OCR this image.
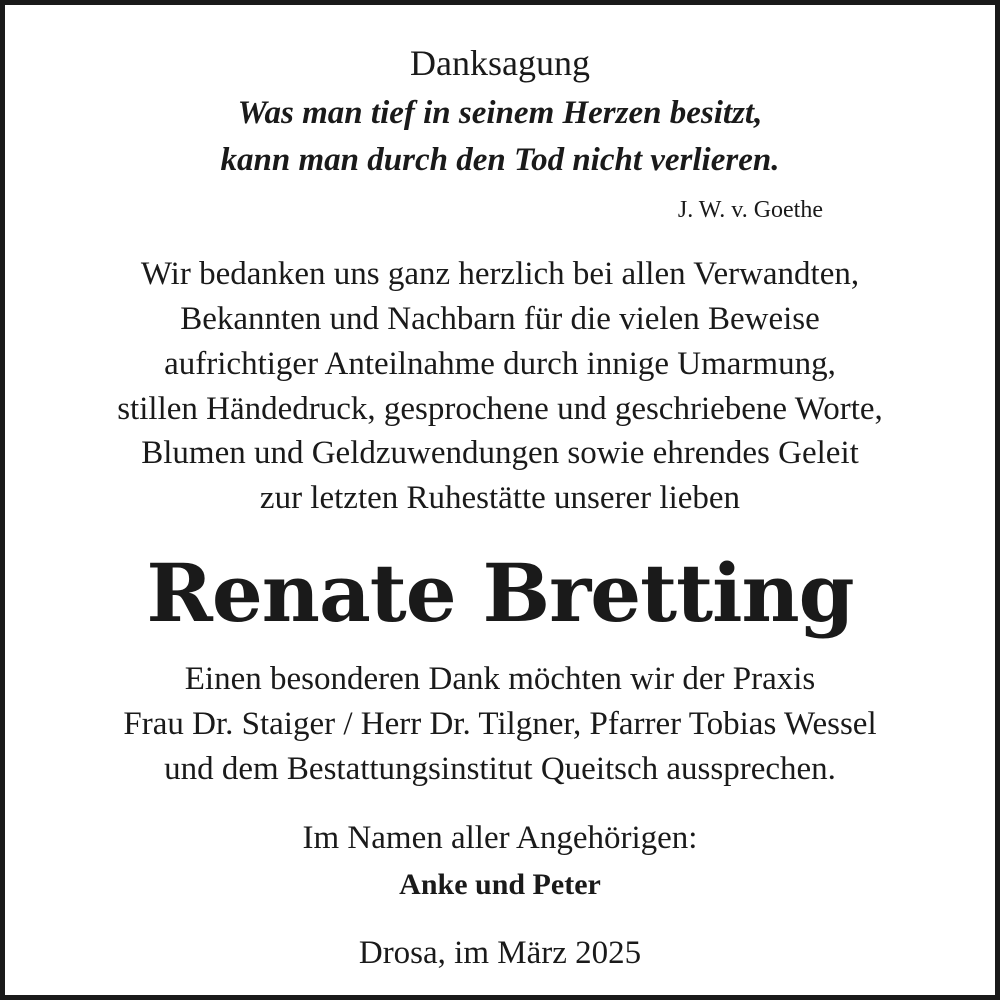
Danksagung
Was man tief in seinem Herzen besitzt,
kann man durch den Tod nicht verlieren.
J. W. v. Goethe
Wir bedanken uns ganz herzlich bei allen Verwandten,
Bekannten und Nachbarn für die vielen Beweise
aufrichtiger Anteilnahme durch innige Umarmung,
stillen Händedruck, gesprochene und geschriebene Worte,
Blumen und Geldzuwendungen sowie ehrendes Geleit
zur letzten Ruhestätte unserer lieben
Renate Bretting
Einen besonderen Dank möchten wir der Praxis
Frau Dr. Staiger / Herr Dr. Tilgner, Pfarrer Tobias Wessel
und dem Bestattungsinstitut Queitsch aussprechen.
Im Namen aller Angehörigen:
Anke und Peter
Drosa, im März 2025
